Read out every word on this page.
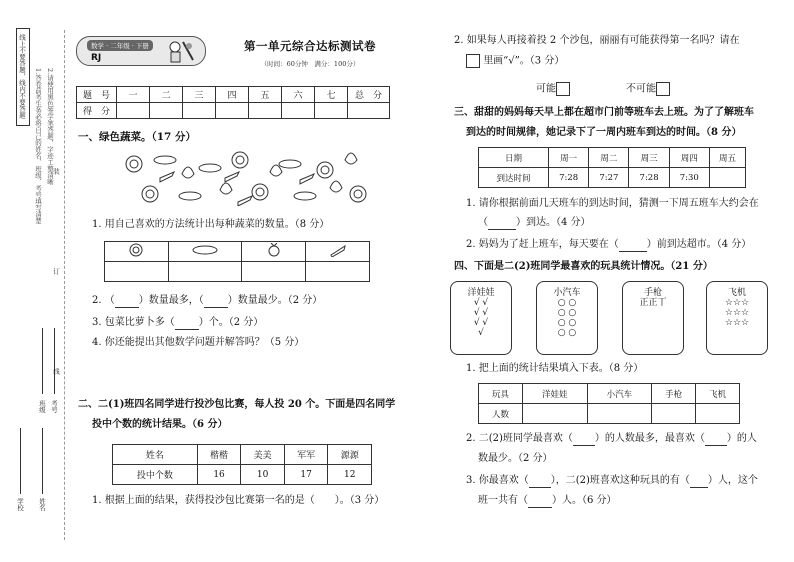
线上不要答题，线内不要答题 1.答卷前考生务必将自己的姓名、班级、考号填写清楚 2.请使用黑色签字笔答题，字迹工整清晰
装
订
线
学校 姓名
班级 考号
数学 · 二年级 · 下册
RJ
第一单元综合达标测试卷
（时间：60分钟　满分：100分）
题　号	一	二	三	四	五	六	七	总　分
得　分								
一、绿色蔬菜。（17 分）
1. 用自己喜欢的方法统计出每种蔬菜的数量。（8 分）

2. （ ）数量最多，（ ）数量最少。（2 分）
3. 包菜比萝卜多（ ）个。（2 分）
4. 你还能提出其他数学问题并解答吗？（5 分）
二、二(1)班四名同学进行投沙包比赛，每人投 20 个。下面是四名同学
投中个数的统计结果。（6 分）
姓名	楷楷	美美	军军	源源
投中个数	16	10	17	12
1. 根据上面的结果，获得投沙包比赛第一名的是（　　）。（3 分）
2. 如果每人再接着投 2 个沙包，丽丽有可能获得第一名吗？请在
里画“√”。（3 分）
可能	不可能
三、甜甜的妈妈每天早上都在超市门前等班车去上班。为了了解班车
到达的时间规律，她记录下了一周内班车到达的时间。（8 分）
日期	周一	周二	周三	周四	周五
到达时间	7:28	7:27	7:28	7:30	
1. 请你根据前面几天班车的到达时间，猜测一下周五班车大约会在
（	）到达。（4 分）
2. 妈妈为了赶上班车，每天要在（	）前到达超市。（4 分）
四、下面是二(2)班同学最喜欢的玩具统计情况。（21 分）
洋娃娃
√ √
√ √
√ √
√
小汽车
○ ○
○ ○
○ ○
○ ○
手枪
正正丅
飞机
☆☆☆
☆☆☆
☆☆☆
1. 把上面的统计结果填入下表。（8 分）
玩具	洋娃娃	小汽车	手枪	飞机
人数				
2. 二(2)班同学最喜欢（ ）的人数最多，最喜欢（ ）的人
数最少。（2 分）
3. 你最喜欢（ ），二(2)班喜欢这种玩具的有（ ）人，这个
班一共有（ ）人。（6 分）
